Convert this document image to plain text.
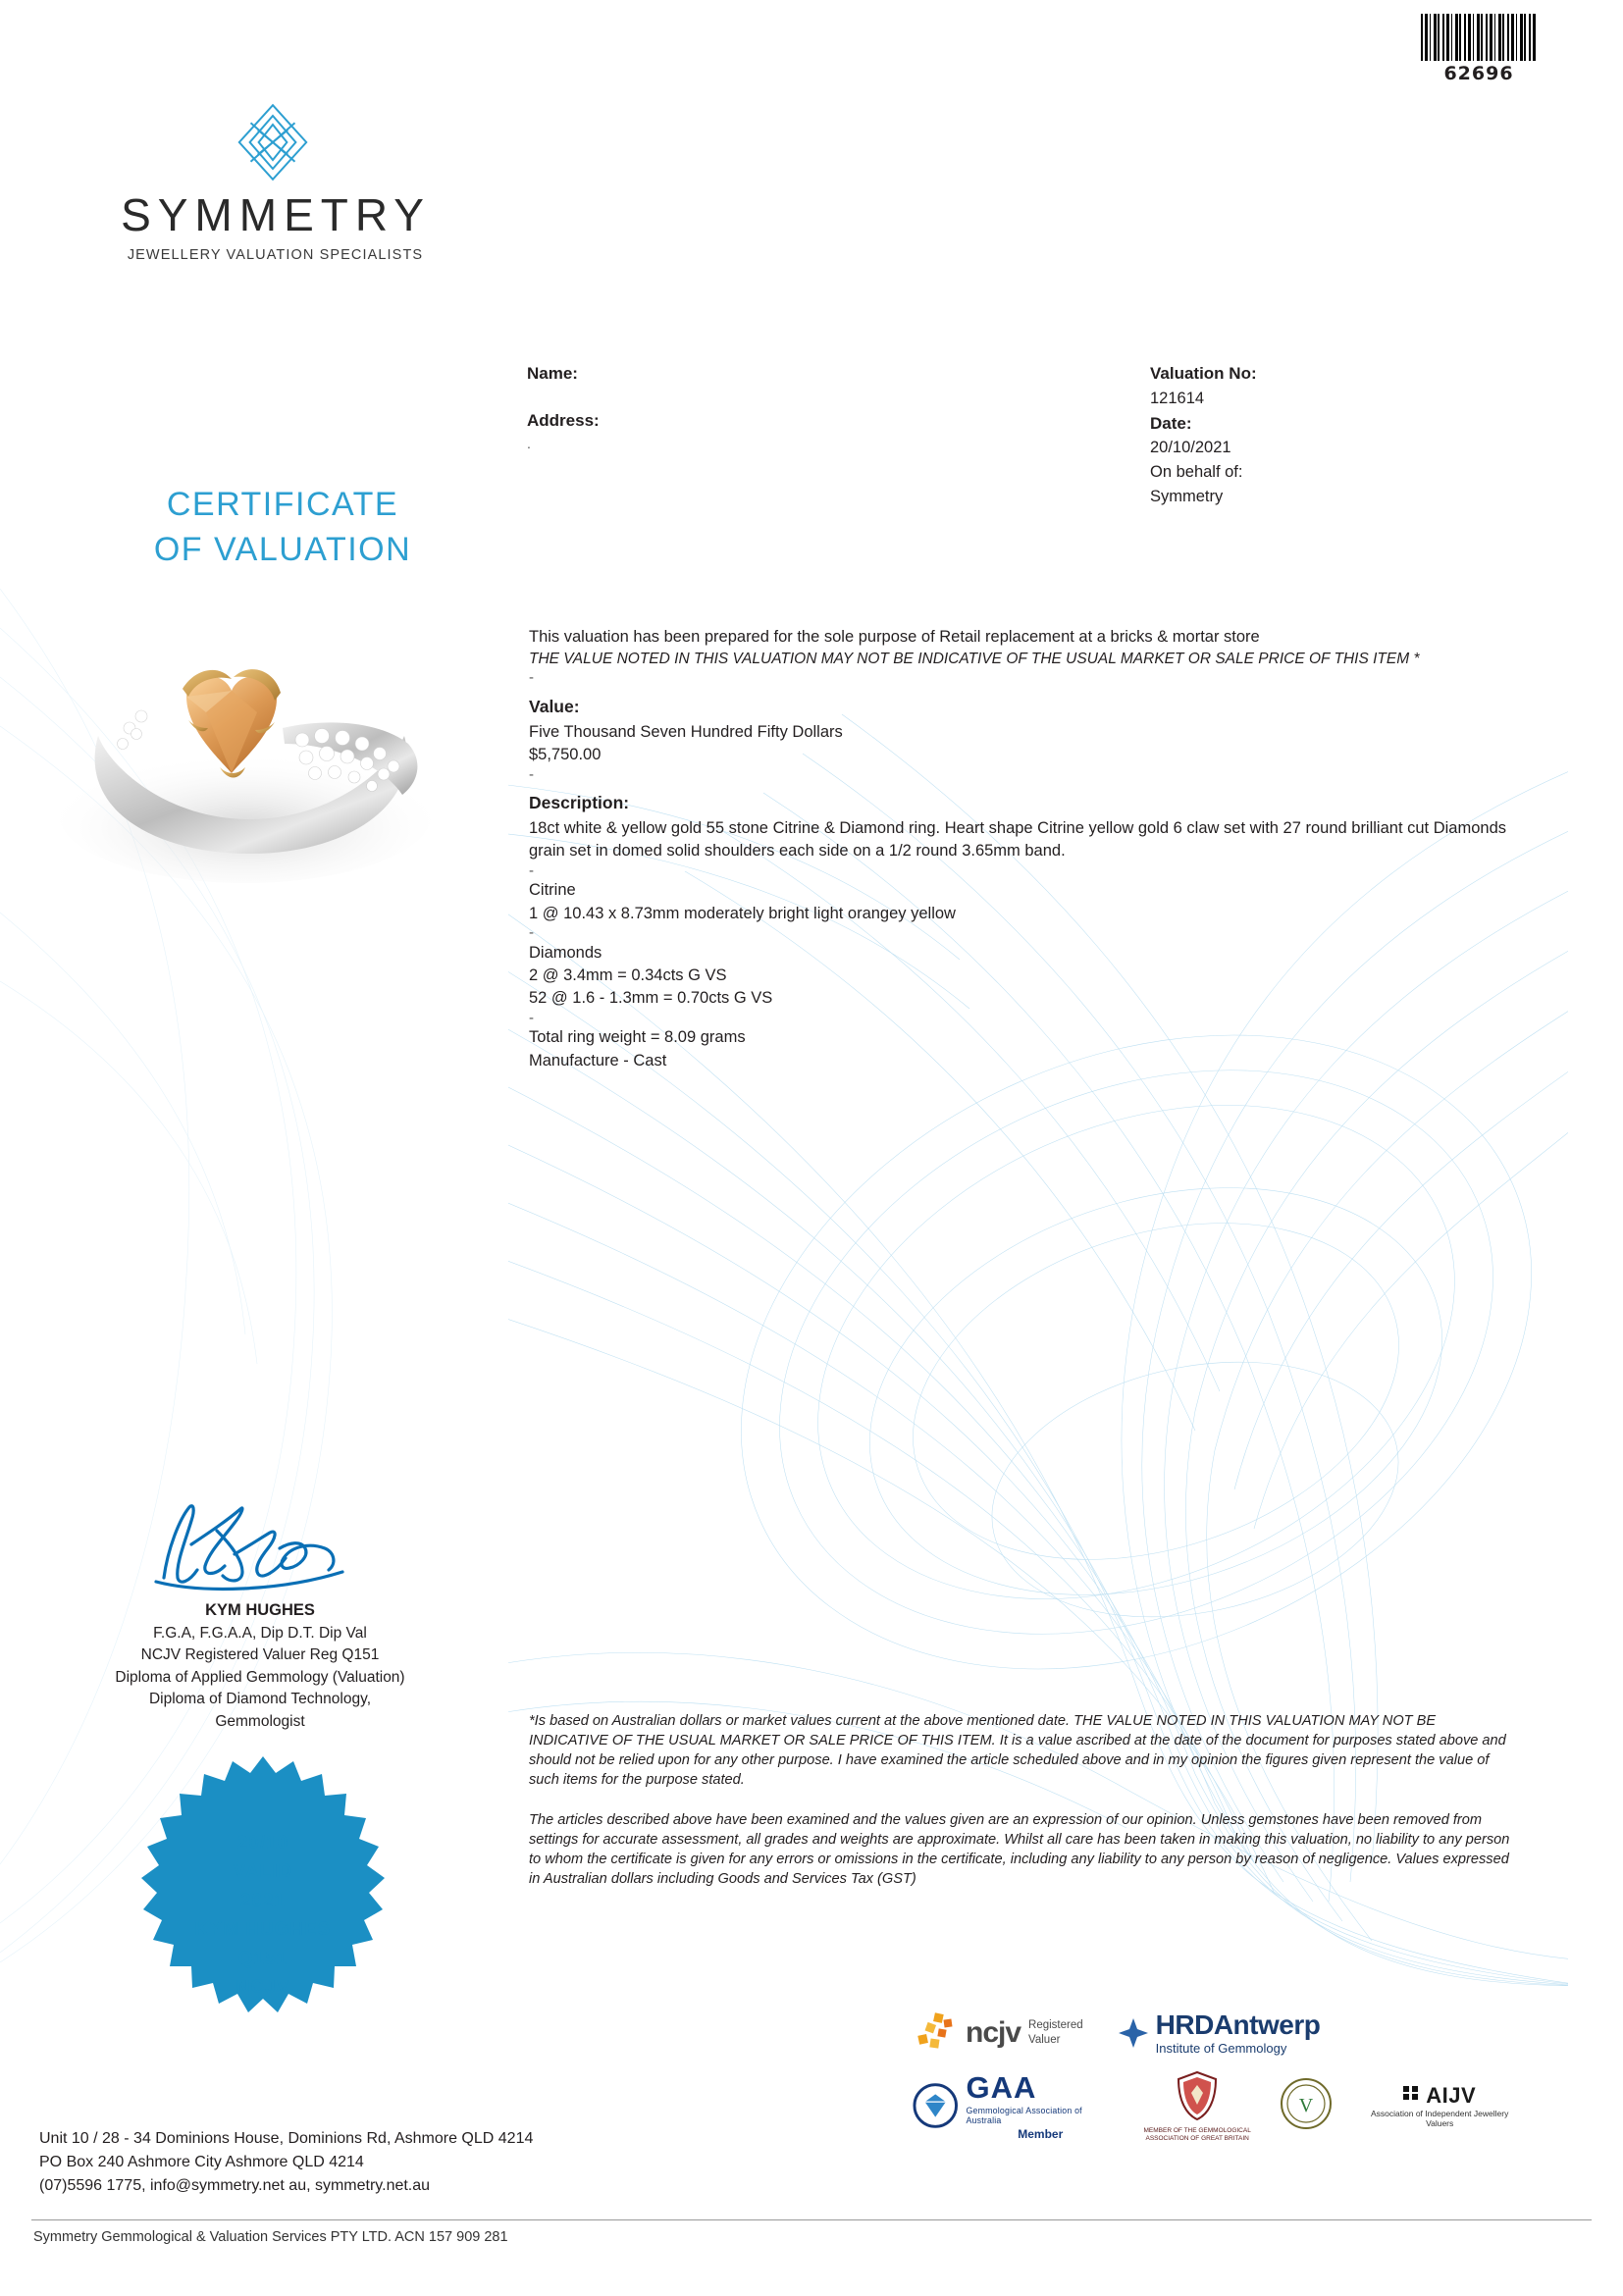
62696
SYMMETRY
JEWELLERY VALUATION SPECIALISTS
CERTIFICATE
OF VALUATION
Name:
Address:
.
Valuation No:
121614
Date:
20/10/2021
On behalf of:
Symmetry

This valuation has been prepared for the sole purpose of Retail replacement at a bricks & mortar store

THE VALUE NOTED IN THIS VALUATION MAY NOT BE INDICATIVE OF THE USUAL MARKET OR SALE PRICE OF THIS ITEM *

-

Value:

Five Thousand Seven Hundred Fifty Dollars

$5,750.00

-

Description:

18ct white & yellow gold 55 stone Citrine & Diamond ring. Heart shape Citrine yellow gold 6 claw set with 27 round brilliant cut Diamonds grain set in domed solid shoulders each side on a 1/2 round 3.65mm band.

-

Citrine

1 @ 10.43 x 8.73mm moderately bright light orangey yellow

-

Diamonds

2 @ 3.4mm = 0.34cts G VS

52 @ 1.6 - 1.3mm = 0.70cts G VS

-

Total ring weight = 8.09 grams

Manufacture - Cast

*Is based on Australian dollars or market values current at the above mentioned date. THE VALUE NOTED IN THIS VALUATION MAY NOT BE INDICATIVE OF THE USUAL MARKET OR SALE PRICE OF THIS ITEM. It is a value ascribed at the date of the document for purposes stated above and should not be relied upon for any other purpose. I have examined the article scheduled above and in my opinion the figures given represent the value of such items for the purpose stated.
The articles described above have been examined and the values given are an expression of our opinion. Unless gemstones have been removed from settings for accurate assessment, all grades and weights are approximate. Whilst all care has been taken in making this valuation, no liability to any person to whom the certificate is given for any errors or omissions in the certificate, including any liability to any person by reason of negligence. Values expressed in Australian dollars including Goods and Services Tax (GST)
KYM HUGHES
F.G.A, F.G.A.A, Dip D.T. Dip Val
NCJV Registered Valuer Reg Q151
Diploma of Applied Gemmology (Valuation)
Diploma of Diamond Technology,
Gemmologist
20/10
VALID
2021
KYM HUGHES
Q151
NCJV
ncjv Registered
Valuer	HRDAntwerp
Institute of Gemmology
GAA
Gemmological Association of Australia
Member	MEMBER OF THE GEMMOLOGICAL ASSOCIATION OF GREAT BRITAIN
V	AIJV
Association of Independent Jewellery Valuers
Unit 10 / 28 - 34 Dominions House, Dominions Rd, Ashmore QLD 4214
PO Box 240 Ashmore City Ashmore QLD 4214
(07)5596 1775, info@symmetry.net au, symmetry.net.au
Symmetry Gemmological & Valuation Services PTY LTD. ACN 157 909 281
